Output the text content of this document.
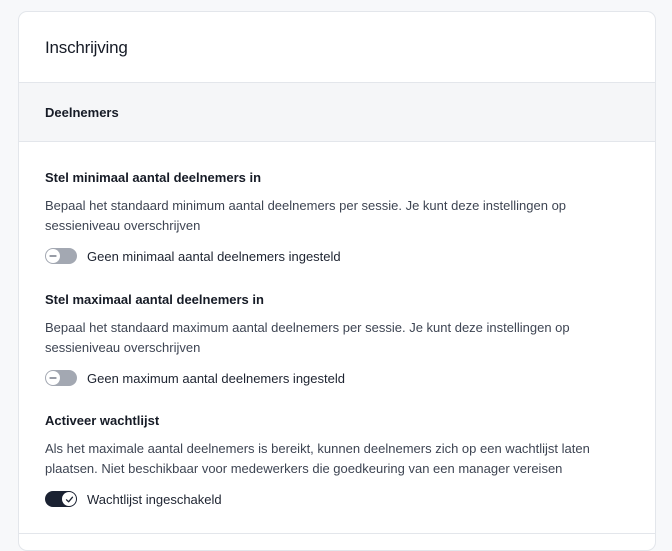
Inschrijving
Deelnemers
Stel minimaal aantal deelnemers in
Bepaal het standaard minimum aantal deelnemers per sessie. Je kunt deze instellingen op sessieniveau overschrijven
Geen minimaal aantal deelnemers ingesteld
Stel maximaal aantal deelnemers in
Bepaal het standaard maximum aantal deelnemers per sessie. Je kunt deze instellingen op sessieniveau overschrijven
Geen maximum aantal deelnemers ingesteld
Activeer wachtlijst
Als het maximale aantal deelnemers is bereikt, kunnen deelnemers zich op een wachtlijst laten plaatsen. Niet beschikbaar voor medewerkers die goedkeuring van een manager vereisen
Wachtlijst ingeschakeld
